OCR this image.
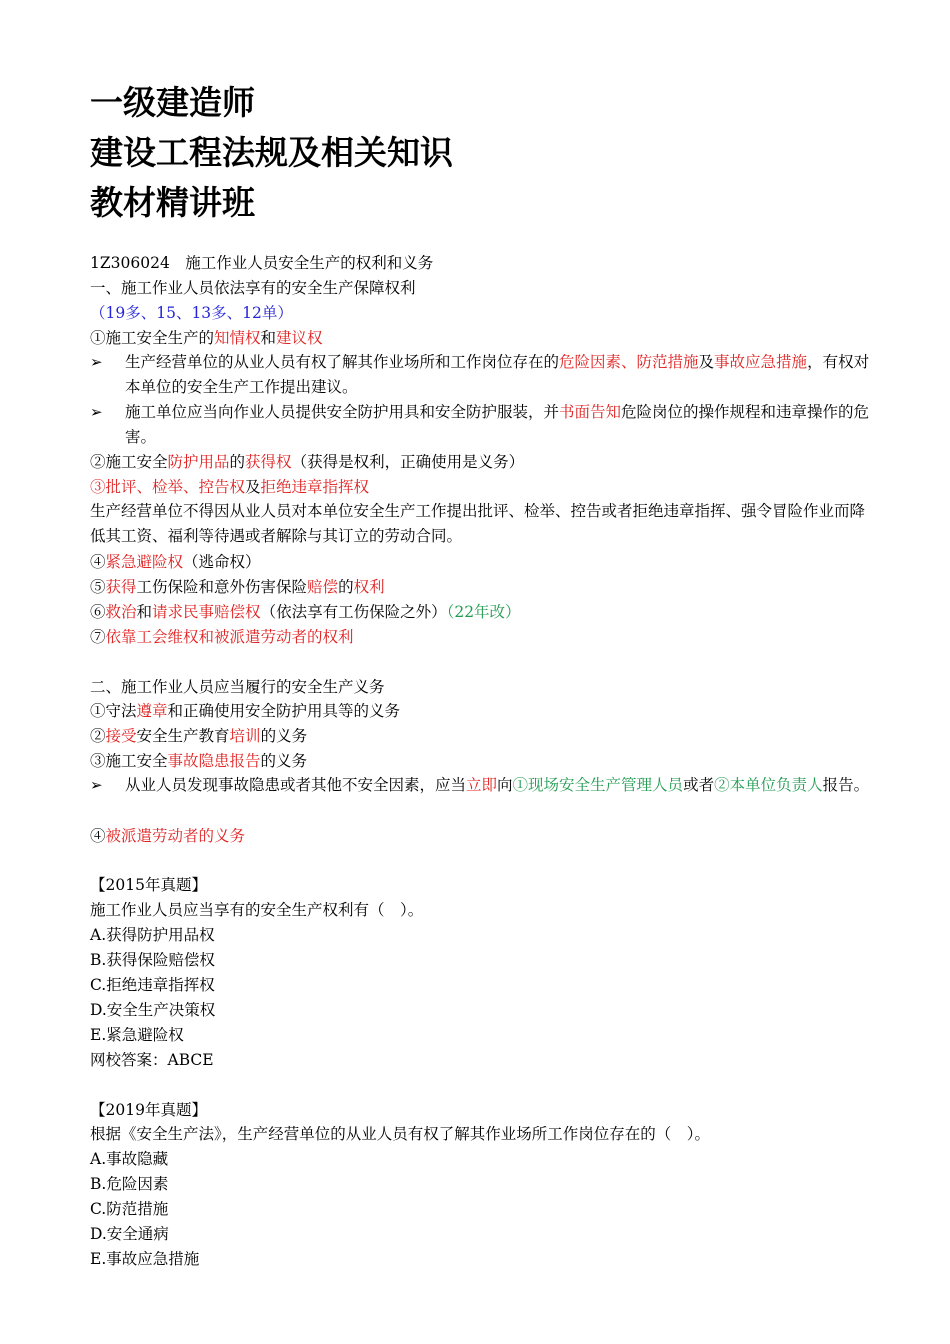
一级建造师
建设工程法规及相关知识
教材精讲班
1Z306024　施工作业人员安全生产的权利和义务
一、施工作业人员依法享有的安全生产保障权利
（19多、15、13多、12单）
①施工安全生产的知情权和建议权
➢ 生产经营单位的从业人员有权了解其作业场所和工作岗位存在的危险因素、防范措施及事故应急措施，有权对本单位的安全生产工作提出建议。
➢ 施工单位应当向作业人员提供安全防护用具和安全防护服装，并书面告知危险岗位的操作规程和违章操作的危害。
②施工安全防护用品的获得权（获得是权利，正确使用是义务）
③批评、检举、控告权及拒绝违章指挥权
生产经营单位不得因从业人员对本单位安全生产工作提出批评、检举、控告或者拒绝违章指挥、强令冒险作业而降低其工资、福利等待遇或者解除与其订立的劳动合同。
④紧急避险权（逃命权）
⑤获得工伤保险和意外伤害保险赔偿的权利
⑥救治和请求民事赔偿权（依法享有工伤保险之外）（22年改）
⑦依靠工会维权和被派遣劳动者的权利
二、施工作业人员应当履行的安全生产义务
①守法遵章和正确使用安全防护用具等的义务
②接受安全生产教育培训的义务
③施工安全事故隐患报告的义务
➢ 从业人员发现事故隐患或者其他不安全因素，应当立即向①现场安全生产管理人员或者②本单位负责人报告。
④被派遣劳动者的义务
【2015年真题】
施工作业人员应当享有的安全生产权利有（　）。
A.获得防护用品权
B.获得保险赔偿权
C.拒绝违章指挥权
D.安全生产决策权
E.紧急避险权
网校答案：ABCE
【2019年真题】
根据《安全生产法》，生产经营单位的从业人员有权了解其作业场所工作岗位存在的（　）。
A.事故隐藏
B.危险因素
C.防范措施
D.安全通病
E.事故应急措施
